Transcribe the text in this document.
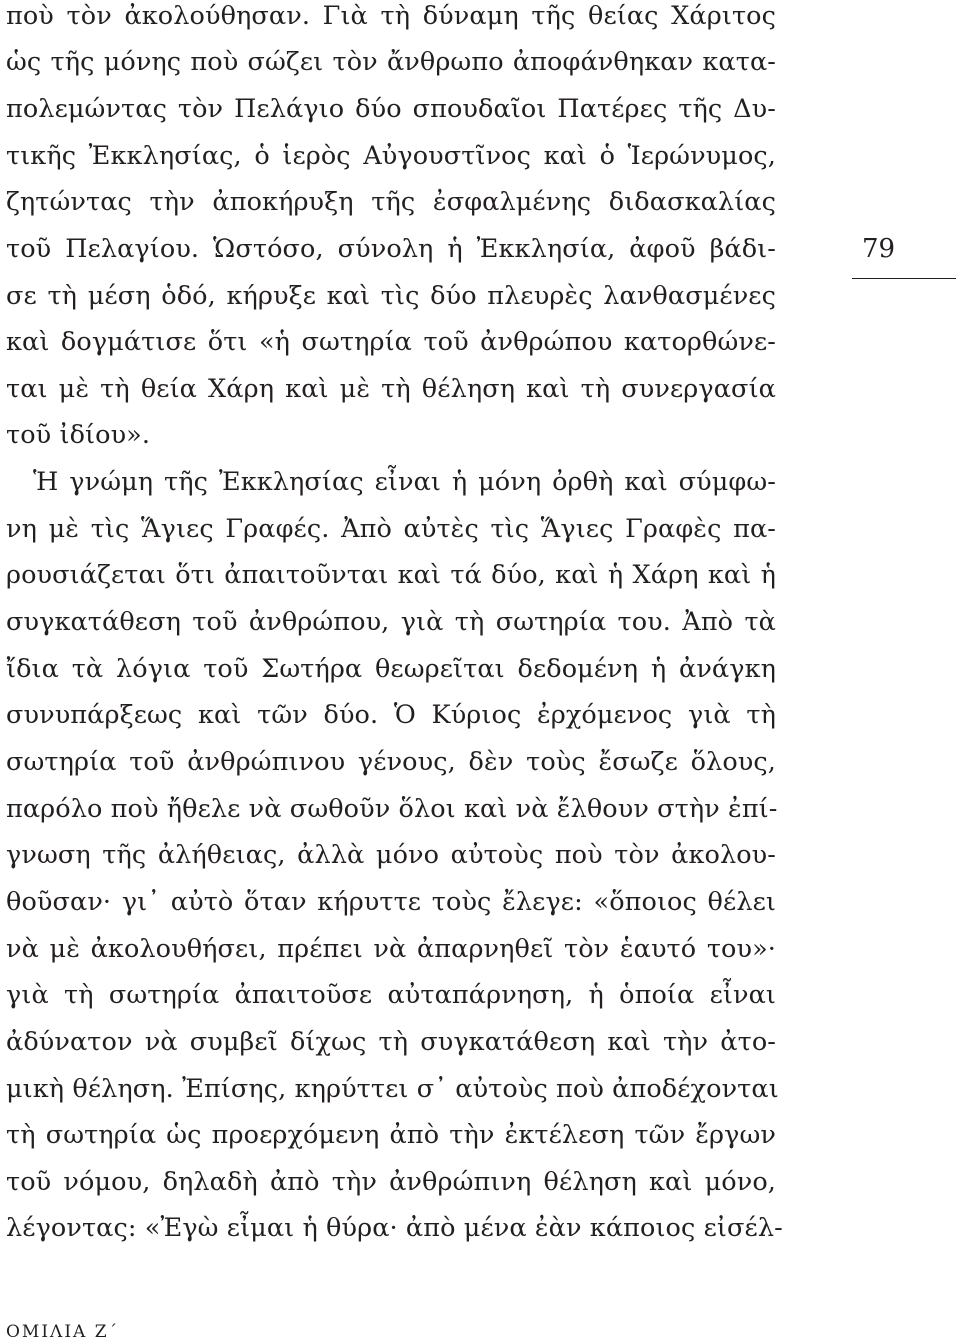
ποὺ τὸν ἀκολούθησαν. Γιὰ τὴ δύναμη τῆς θείας Χάριτος
ὡς τῆς μόνης ποὺ σώζει τὸν ἄνθρωπο ἀποφάνθηκαν κατα-
πολεμώντας τὸν Πελάγιο δύο σπουδαῖοι Πατέρες τῆς Δυ-
τικῆς Ἐκκλησίας, ὁ ἱερὸς Αὐγουστῖνος καὶ ὁ Ἱερώνυμος,
ζητώντας τὴν ἀποκήρυξη τῆς ἐσφαλμένης διδασκαλίας
τοῦ Πελαγίου. Ὡστόσο, σύνολη ἡ Ἐκκλησία, ἀφοῦ βάδι-
σε τὴ μέση ὁδό, κήρυξε καὶ τὶς δύο πλευρὲς λανθασμένες
καὶ δογμάτισε ὅτι «ἡ σωτηρία τοῦ ἀνθρώπου κατορθώνε-
ται μὲ τὴ θεία Χάρη καὶ μὲ τὴ θέληση καὶ τὴ συνεργασία
τοῦ ἰδίου».
Ἡ γνώμη τῆς Ἐκκλησίας εἶναι ἡ μόνη ὀρθὴ καὶ σύμφω-
νη μὲ τὶς Ἅγιες Γραφές. Ἀπὸ αὐτὲς τὶς Ἅγιες Γραφὲς πα-
ρουσιάζεται ὅτι ἀπαιτοῦνται καὶ τά δύο, καὶ ἡ Χάρη καὶ ἡ
συγκατάθεση τοῦ ἀνθρώπου, γιὰ τὴ σωτηρία του. Ἀπὸ τὰ
ἴδια τὰ λόγια τοῦ Σωτήρα θεωρεῖται δεδομένη ἡ ἀνάγκη
συνυπάρξεως καὶ τῶν δύο. Ὁ Κύριος ἐρχόμενος γιὰ τὴ
σωτηρία τοῦ ἀνθρώπινου γένους, δὲν τοὺς ἔσωζε ὅλους,
παρόλο ποὺ ἤθελε νὰ σωθοῦν ὅλοι καὶ νὰ ἔλθουν στὴν ἐπί-
γνωση τῆς ἀλήθειας, ἀλλὰ μόνο αὐτοὺς ποὺ τὸν ἀκολου-
θοῦσαν· γι᾽ αὐτὸ ὅταν κήρυττε τοὺς ἔλεγε: «ὅποιος θέλει
νὰ μὲ ἀκολουθήσει, πρέπει νὰ ἀπαρνηθεῖ τὸν ἑαυτό του»·
γιὰ τὴ σωτηρία ἀπαιτοῦσε αὐταπάρνηση, ἡ ὁποία εἶναι
ἀδύνατον νὰ συμβεῖ δίχως τὴ συγκατάθεση καὶ τὴν ἀτο-
μικὴ θέληση. Ἐπίσης, κηρύττει σ᾽ αὐτοὺς ποὺ ἀποδέχονται
τὴ σωτηρία ὡς προερχόμενη ἀπὸ τὴν ἐκτέλεση τῶν ἔργων
τοῦ νόμου, δηλαδὴ ἀπὸ τὴν ἀνθρώπινη θέληση καὶ μόνο,
λέγοντας: «Ἐγὼ εἶμαι ἡ θύρα· ἀπὸ μένα ἐὰν κάποιος εἰσέλ-
79
ΟΜΙΛΙΑ Ζ΄
